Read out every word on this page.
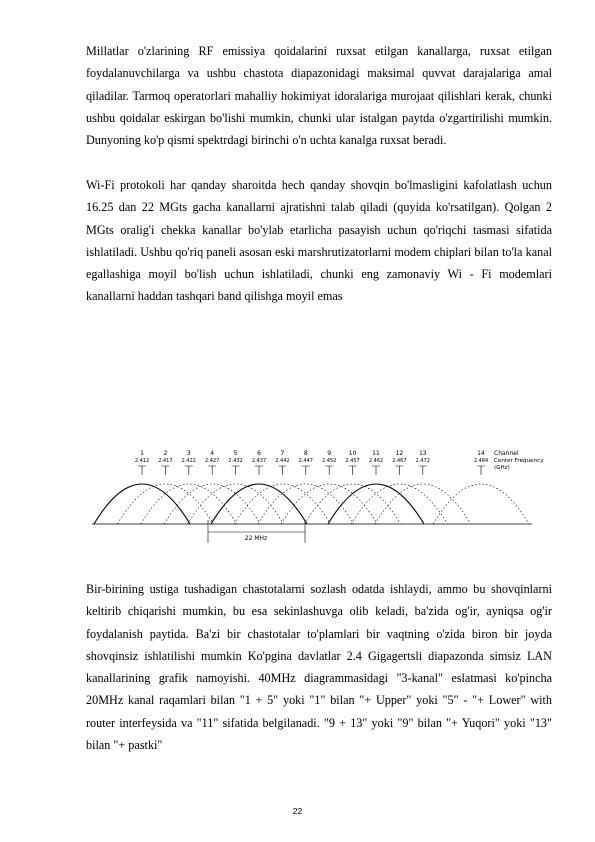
Millatlar o'zlarining RF emissiya qoidalarini ruxsat etilgan kanallarga, ruxsat etilgan foydalanuvchilarga va ushbu chastota diapazonidagi maksimal quvvat darajalariga amal qiladilar. Tarmoq operatorlari mahalliy hokimiyat idoralariga murojaat qilishlari kerak, chunki ushbu qoidalar eskirgan bo'lishi mumkin, chunki ular istalgan paytda o'zgartirilishi mumkin. Dunyoning ko'p qismi spektrdagi birinchi o'n uchta kanalga ruxsat beradi.

Wi-Fi protokoli har qanday sharoitda hech qanday shovqin bo'lmasligini kafolatlash uchun 16.25 dan 22 MGts gacha kanallarni ajratishni talab qiladi (quyida ko'rsatilgan). Qolgan 2 MGts oralig'i chekka kanallar bo'ylab etarlicha pasayish uchun qo'riqchi tasmasi sifatida ishlatiladi. Ushbu qo'riq paneli asosan eski marshrutizatorlarni modem chiplari bilan to'la kanal egallashiga moyil bo'lish uchun ishlatiladi, chunki eng zamonaviy Wi - Fi modemlari kanallarni haddan tashqari band qilishga moyil emas

1
2.412
2
2.417
3
2.422
4
2.427
5
2.432
6
2.437
7
2.442
8
2.447
9
2.452
10
2.457
11
2.462
12
2.467
13
2.472
14
2.484
22 MHz
Channel
Center Frequency
(GHz)

Bir-birining ustiga tushadigan chastotalarni sozlash odatda ishlaydi, ammo bu shovqinlarni keltirib chiqarishi mumkin, bu esa sekinlashuvga olib keladi, ba'zida og'ir, ayniqsa og'ir foydalanish paytida. Ba'zi bir chastotalar to'plamlari bir vaqtning o'zida biron bir joyda shovqinsiz ishlatilishi mumkin Ko'pgina davlatlar 2.4 Gigagertsli diapazonda simsiz LAN kanallarining grafik namoyishi. 40MHz diagrammasidagi "3-kanal" eslatmasi ko'pincha 20MHz kanal raqamlari bilan "1 + 5" yoki "1" bilan "+ Upper" yoki "5" - "+ Lower" with router interfeysida va "11" sifatida belgilanadi. "9 + 13" yoki "9" bilan "+ Yuqori" yoki "13" bilan "+ pastki"

22
